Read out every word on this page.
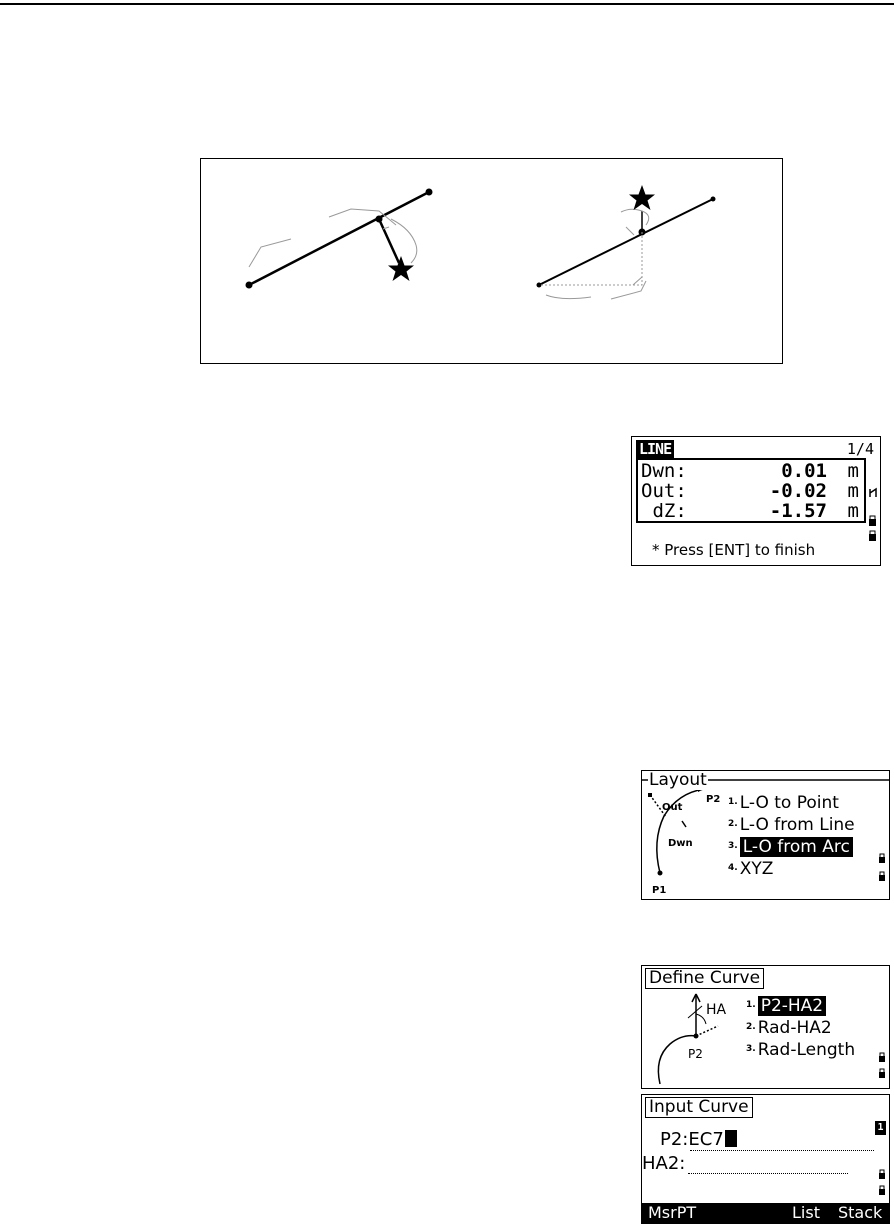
LINE	1/4
Dwn:	0.01 m
Out:	-0.02 m
dZ:	-1.57 m
* Press [ENT] to finish
Out
P2
Dwn
P1
Layout
$^{1.}$ L-O to Point
$^{2.}$ L-O from Line
$^{3.}$ L-O from Arc
$^{4.}$ XYZ
Define Curve
HA
P2
$^{1.}$ P2-HA2
$^{2.}$ Rad-HA2
$^{3.}$ Rad-Length
Input Curve
1
P2:EC7
HA2:
MsrPT	List Stack
